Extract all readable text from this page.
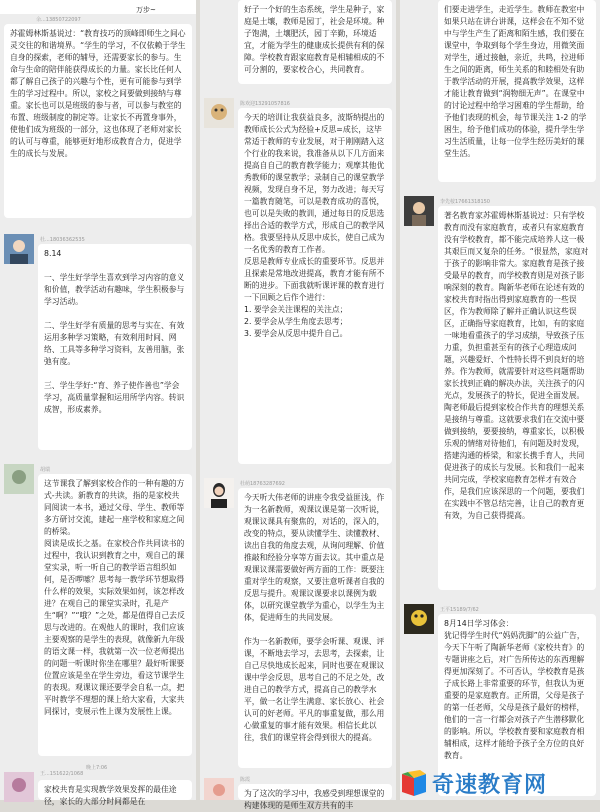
万步~
余...13850722097
苏霍姆林斯基说过：“教育技巧的顶峰即师生之间心灵交往的和谐境界。“学生的学习，不仅依赖于学生自身的探索，老师的辅导，还需要家长的参与。生命与生命的陪伴能获得成长的力量。家长比任何人都了解自己孩子的兴趣与个性，更有可能参与到学生的学习过程中。所以，家校之间要做到接纳与尊重。家长也可以是班级的参与者，可以参与教室的布置、班级制度的制定等。让家长不再置身事外，使他们成为班级的一部分，这也体现了老师对家长的认可与尊重，能够更好地形成教育合力，促进学生的成长与发展。
杜...18036362535
8.14

一、学生好学学生喜欢到学习内容的意义和价值，教学活动有趣味，学生积极参与学习活动。

二、学生好学有质量的思考与实在、有效运用多种学习策略，有效利用时间、网络、工具等多种学习资料，友善用脑，张弛有度。

三、学生学好:“育、养子使作善也”学会学习，高质量掌握和运用所学内容。转识成智，形成素养。
胡瑞
这节课我了解到家校合作的一种有趣的方式-共读。新教育的共读，指的是家校共同阅读一本书，通过父母、学生、教师等多方研讨交流，建起一座学校和家庭之间的桥梁。
阅读是成长之基。在家校合作共同读书的过程中，我认识到教育之中，观自己的课堂实录，听一听自己的教学语言组织如何，是否啰嗦？思考每一教学环节想取得什么样的效果，实际效果如何，该怎样改进？在观自己的课堂实录时，孔是产生“啊？”“哦？”之处，都是值得自己去反思与改进的。在观他人的课时，我们应该主要观察的是学生的表现，就像新九年级的语文课一样，我就第一次一位老师提出的问题一听课时你坐在哪里？最好听课要位置应该是坐在学生旁边，看这节课学生的表现。观课议课还要学会自私一点，把平时教学不理想的课上给大家看，大家共同探讨，变展示性上课为发展性上课。
晚上7:06
王...151622/1068
家校共育是实现教学效果发挥的最佳途径，家长的大部分时间都是在
好子一个好的生态系统，学生是种子，家庭是土壤，教师是园丁，社会是环境。种子饱满，土壤肥沃，园丁辛勤，环境适宜，才能为学生的健康成长提供有利的保障。学校教育跟家庭教育是相辅相成的不可分割的，要家校合心，共同教育。
陈欢迎13291057816
今天的培训让我获益良多，波斯纳提出的教师成长公式为经验+反思=成长，这毕常适于教师的专业发展，对于刚刚踏入这个行业的我来说，我准备从以下几方面来提高自自己的教育教学能力；观摩其他优秀教师的课堂教学；录制自己的课堂教学视频，发现自身不足，努力改进；每天写一篇教育随笔，可以是教育成功的喜悦，也可以是失败的教训，通过每日的反思选择出合适的教学方式，形成自己的教学风格。我要坚持从反思中成长，使自己成为一名优秀的教育工作者。
反思是教师专业成长的重要环节。反思并且探索是常地改进提高，教育才能有所不断的进步。下面我就听课评课的教育进行一下回顾之后作个进行：
1. 要学会关注课程的关注点；
2. 要学会从学生角度去思考；
3. 要学会从反思中提升自己。
杜萌18763287692
今天听大伟老师的讲座令我受益匪浅，作为一名新教师，观课议课是第一次听说，观课议课具有聚焦的，对话的，深入的，改变的特点，要从读懂学生、读懂教材、读出自我的角度去观，从询问理解、价值推敲和经验分享等方面去议。其中重点是观课议课需要做好两方面的工作：既要注重对学生的观察，又要注意听课者自我的反思与提升。观课议课要求以课例为载体，以研究课堂教学为重心，以学生为主体，促进师生的共同发展。

作为一名新教师，要学会听课、观课、评课，不断地去学习，去思考，去探索，让自己尽快地成长起来，同时也要在观课议课中学会反思，思考自己的不足之处，改进自己的教学方式，提高自己的教学水平，做一名让学生满意、家长放心、社会认可的好老师。平凡的事重复做，那么用心做重复的事才能有效果。相信长此以往，我们的课堂将会得到很大的提高。
陈霞
为了这次的学习中，我感受到理想课堂的构建体现的是师生双方共有的丰
们要走进学生，走近学生。教师在教室中如果只站在讲台讲课，这样会在不知不觉中与学生产生了距离和陌生感，我们要在课堂中，争取到每个学生身边，用微笑面对学生，通过接触，亲近，共鸣，拉进师生之间的距离，师生关系的和睦相处有助于教学活动的开展，提高教学效果，这样才能让教育做到“润物细无声”。在课堂中的讨论过程中给学习困难的学生帮助，给予他们表现的机会，每节课关注 1-2 的学困生，给予他们成功的体验，提升学生学习生活质量，让每一位学生经历美好的课堂生活。
李先桉17661318150
著名教育家苏霍姆林斯基说过：只有学校教育而没有家庭教育，或者只有家庭教育没有学校教育，都不能完成培养人这一极其艰巨而又复杂的任务。“很显然，家庭对于孩子的影响非常大。家庭教育是孩子接受最早的教育，而学校教育则是对孩子影响深刻的教育。陶新华老师在论述有效的家校共育时指出得到家庭教育的一些误区，作为教师除了解并正确认识这些误区，正确指导家庭教育，比如，有的家庭一味地看重孩子的学习成绩，导致孩子压力重，负担重甚至有的孩子心理造成问题，兴趣爱好、个性特长得不到良好的培养。作为教师，就需要针对这些问题帮助家长找到正确的解决办法，关注孩子的闪光点，发展孩子的特长，促进全面发展。陶老师最后提到家校合作共育的理想关系是接纳与尊重。这就要求我们在交流中要做到接纳，要要接纳，尊重家长，以积极乐观的情绪对待他们，有问题及时发现，搭建沟通的桥梁，和家长携手育人，共同促进孩子的成长与发展。长和我们一起来共同完成，学校家庭教育怎样才有效合作，是我们应该深思的一个问题，要我们在实践中不管总结完善，让自己的教育更有效，为自己获得提高。
王平15189/7/62
8月14日学习体会：
犹记得学生时代“妈妈洗脚”的公益广告，今天下午听了陶新华老师《家校共育》的专题讲座之后，对广告所传达的东西理解得更加深刻了。不可否认，学校教育是孩子成长路上非常重要的环节，但我认为更重要的是家庭教育。正所谓，父母是孩子的第一任老师，父母是孩子最好的榜样，他们的一言一行都会对孩子产生潜移默化的影响。所以，学校教育要和家庭教育相辅相成，这样才能给予孩子全方位的良好教育。
奇速教育网
